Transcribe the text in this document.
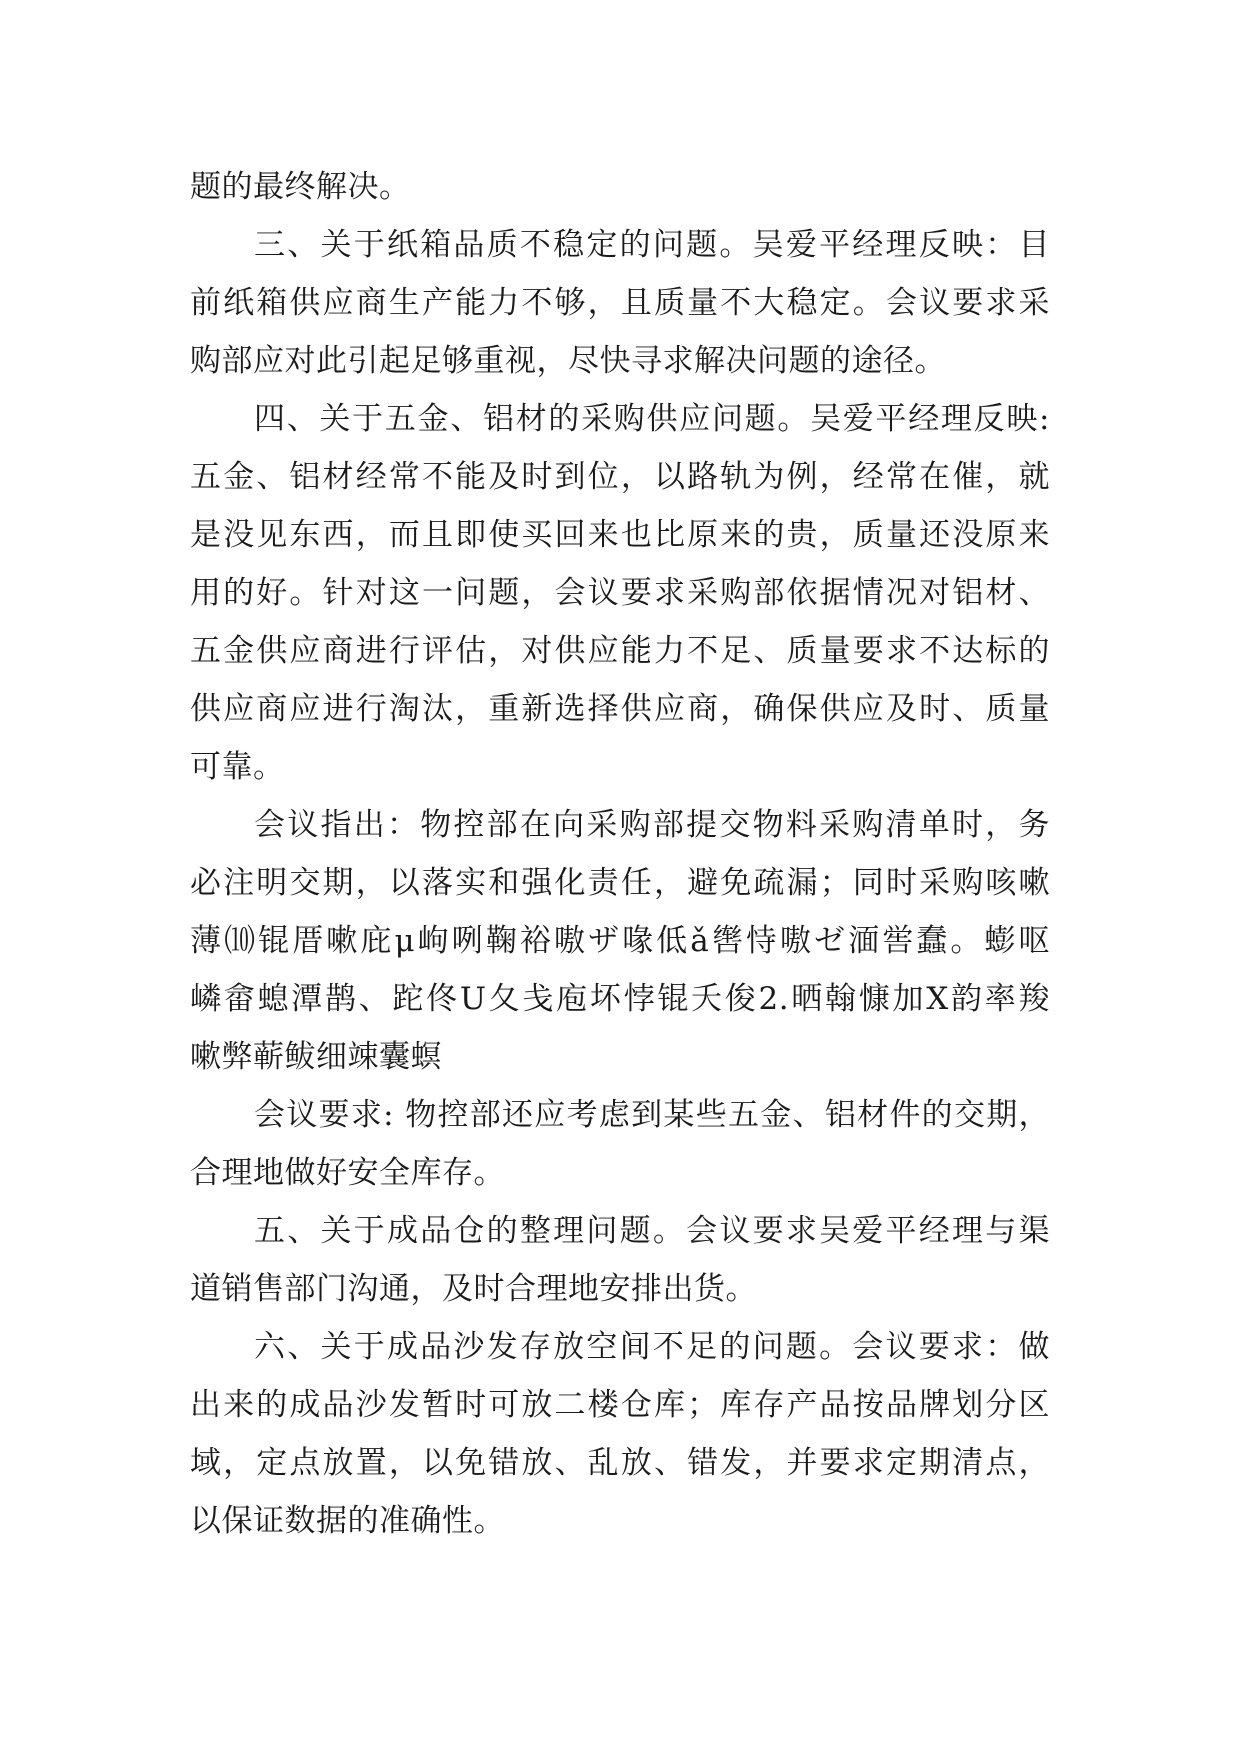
题的最终解决。
三、关于纸箱品质不稳定的问题。吴爱平经理反映：目
前纸箱供应商生产能力不够，且质量不大稳定。会议要求采
购部应对此引起足够重视，尽快寻求解决问题的途径。
四、关于五金、铝材的采购供应问题。吴爱平经理反映:
五金、铝材经常不能及时到位，以路轨为例，经常在催，就
是没见东西，而且即使买回来也比原来的贵，质量还没原来
用的好。针对这一问题，会议要求采购部依据情况对铝材、
五金供应商进行评估，对供应能力不足、质量要求不达标的
供应商应进行淘汰，重新选择供应商，确保供应及时、质量
可靠。
会议指出：物控部在向采购部提交物料采购清单时，务
必注明交期，以落实和强化责任，避免疏漏；同时采购咳嗽
薄⑽锟厝嗽庇μ岣咧鞠裕嗷ザ喙低ǎ辔恃嗷ゼ湎喾蠢。蟛呕
嶙畲螅潭鹊、跎佟U夂戋庖坏悖锟夭俊2.晒翰慷加Χ韵率羧
嗽弊蕲鲅细竦囊螟
会议要求: 物控部还应考虑到某些五金、铝材件的交期，
合理地做好安全库存。
五、关于成品仓的整理问题。会议要求吴爱平经理与渠
道销售部门沟通，及时合理地安排出货。
六、关于成品沙发存放空间不足的问题。会议要求：做
出来的成品沙发暂时可放二楼仓库；库存产品按品牌划分区
域，定点放置，以免错放、乱放、错发，并要求定期清点，
以保证数据的准确性。
